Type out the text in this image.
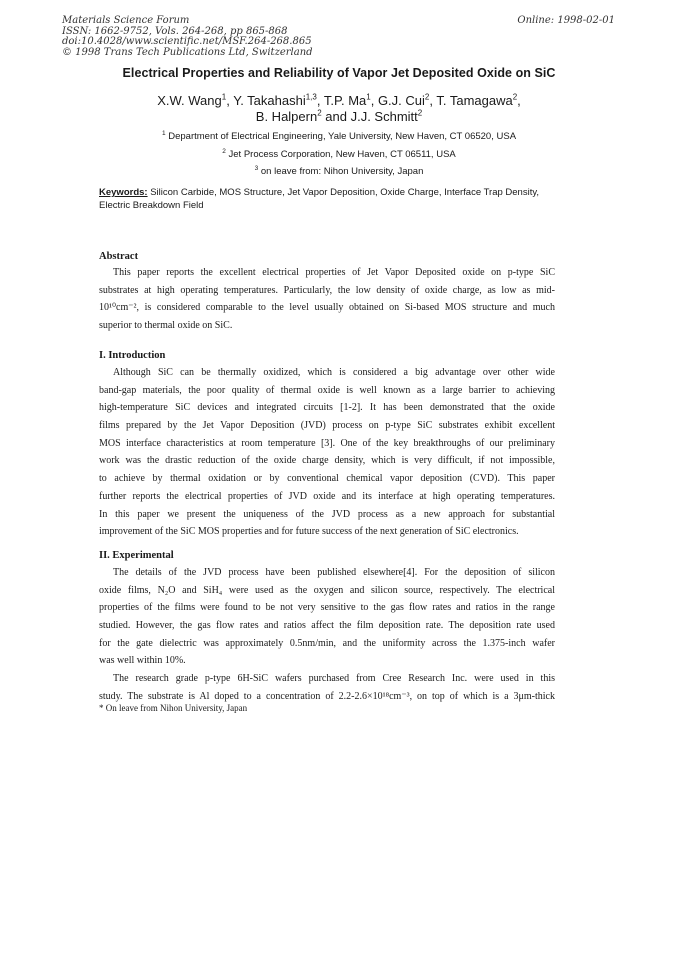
Materials Science Forum
ISSN: 1662-9752, Vols. 264-268, pp 865-868
doi:10.4028/www.scientific.net/MSF.264-268.865
© 1998 Trans Tech Publications Ltd, Switzerland
Online: 1998-02-01
Electrical Properties and Reliability of Vapor Jet Deposited Oxide on SiC
X.W. Wang$^1$, Y. Takahashi$^{1,3}$, T.P. Ma$^1$, G.J. Cui$^2$, T. Tamagawa$^2$,
B. Halpern$^2$ and J.J. Schmitt$^2$
$^1$ Department of Electrical Engineering, Yale University, New Haven, CT 06520, USA
$^2$ Jet Process Corporation, New Haven, CT 06511, USA
$^3$ on leave from: Nihon University, Japan
Keywords: Silicon Carbide, MOS Structure, Jet Vapor Deposition, Oxide Charge, Interface Trap Density, Electric Breakdown Field
Abstract
This paper reports the excellent electrical properties of Jet Vapor Deposited oxide on p-type SiC
substrates at high operating temperatures. Particularly, the low density of oxide charge, as low as mid-
10¹⁰cm⁻², is considered comparable to the level usually obtained on Si-based MOS structure and much
superior to thermal oxide on SiC.
I. Introduction
Although SiC can be thermally oxidized, which is considered a big advantage over other wide
band-gap materials, the poor quality of thermal oxide is well known as a large barrier to achieving
high-temperature SiC devices and integrated circuits [1-2]. It has been demonstrated that the oxide
films prepared by the Jet Vapor Deposition (JVD) process on p-type SiC substrates exhibit excellent
MOS interface characteristics at room temperature [3]. One of the key breakthroughs of our preliminary
work was the drastic reduction of the oxide charge density, which is very difficult, if not impossible,
to achieve by thermal oxidation or by conventional chemical vapor deposition (CVD). This paper
further reports the electrical properties of JVD oxide and its interface at high operating temperatures.
In this paper we present the uniqueness of the JVD process as a new approach for substantial
improvement of the SiC MOS properties and for future success of the next generation of SiC electronics.
II. Experimental
The details of the JVD process have been published elsewhere[4]. For the deposition of silicon
oxide films, N₂O and SiH₄ were used as the oxygen and silicon source, respectively. The electrical
properties of the films were found to be not very sensitive to the gas flow rates and ratios in the range
studied. However, the gas flow rates and ratios affect the film deposition rate. The deposition rate used
for the gate dielectric was approximately 0.5nm/min, and the uniformity across the 1.375-inch wafer
was well within 10%.
The research grade p-type 6H-SiC wafers purchased from Cree Research Inc. were used in this
study. The substrate is Al doped to a concentration of 2.2-2.6×10¹⁸cm⁻³, on top of which is a 3μm-thick
* On leave from Nihon University, Japan
